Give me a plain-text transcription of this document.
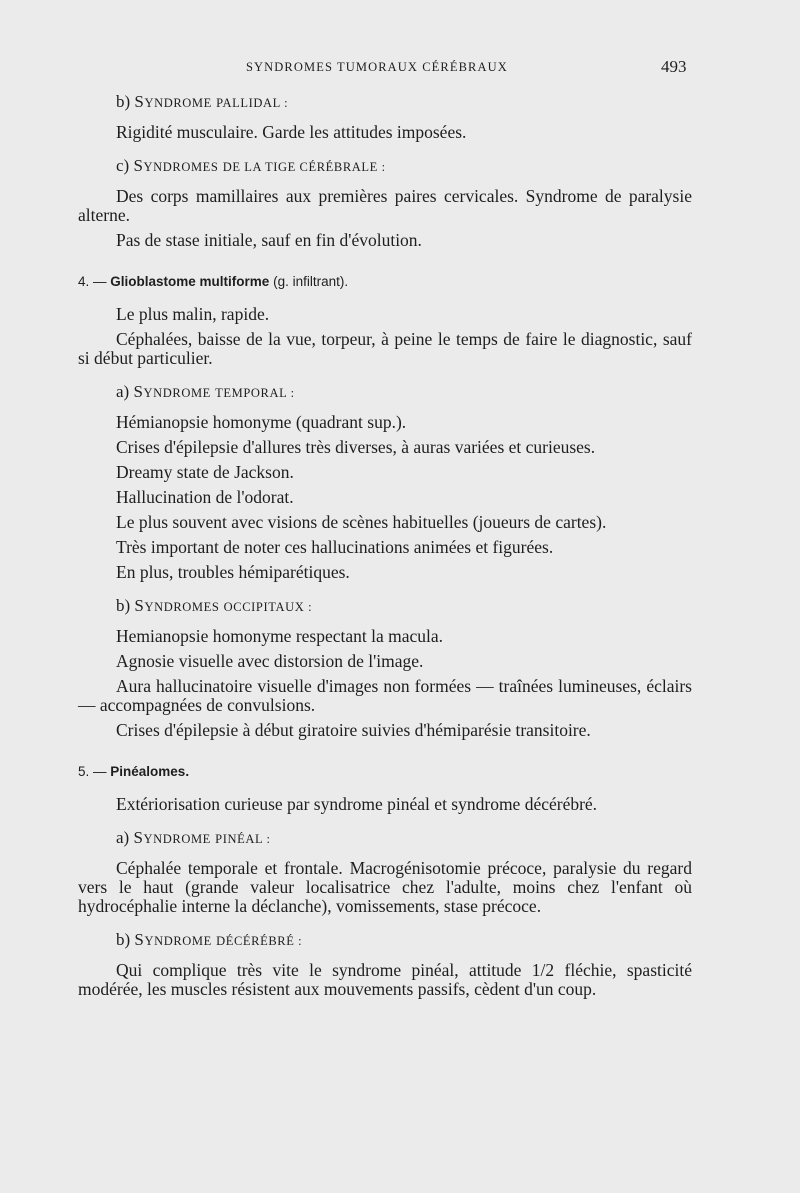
SYNDROMES TUMORAUX CÉRÉBRAUX	493
b) SYNDROME PALLIDAL :

Rigidité musculaire. Garde les attitudes imposées.

c) SYNDROMES DE LA TIGE CÉRÉBRALE :

Des corps mamillaires aux premières paires cervicales. Syndrome de paralysie alterne.

Pas de stase initiale, sauf en fin d'évolution.

4. — Glioblastome multiforme (g. infiltrant).

Le plus malin, rapide.

Céphalées, baisse de la vue, torpeur, à peine le temps de faire le diagnostic, sauf si début particulier.

a) SYNDROME TEMPORAL :

Hémianopsie homonyme (quadrant sup.).

Crises d'épilepsie d'allures très diverses, à auras variées et curieuses.

Dreamy state de Jackson.

Hallucination de l'odorat.

Le plus souvent avec visions de scènes habituelles (joueurs de cartes).

Très important de noter ces hallucinations animées et figurées.

En plus, troubles hémiparétiques.

b) SYNDROMES OCCIPITAUX :

Hemianopsie homonyme respectant la macula.

Agnosie visuelle avec distorsion de l'image.

Aura hallucinatoire visuelle d'images non formées — traînées lumineuses, éclairs — accompagnées de convulsions.

Crises d'épilepsie à début giratoire suivies d'hémiparésie transitoire.

5. — Pinéalomes.

Extériorisation curieuse par syndrome pinéal et syndrome décérébré.

a) SYNDROME PINÉAL :

Céphalée temporale et frontale. Macrogénisotomie précoce, paralysie du regard vers le haut (grande valeur localisatrice chez l'adulte, moins chez l'enfant où hydrocéphalie interne la déclanche), vomissements, stase précoce.

b) SYNDROME DÉCÉRÉBRÉ :

Qui complique très vite le syndrome pinéal, attitude 1/2 fléchie, spasticité modérée, les muscles résistent aux mouvements passifs, cèdent d'un coup.
